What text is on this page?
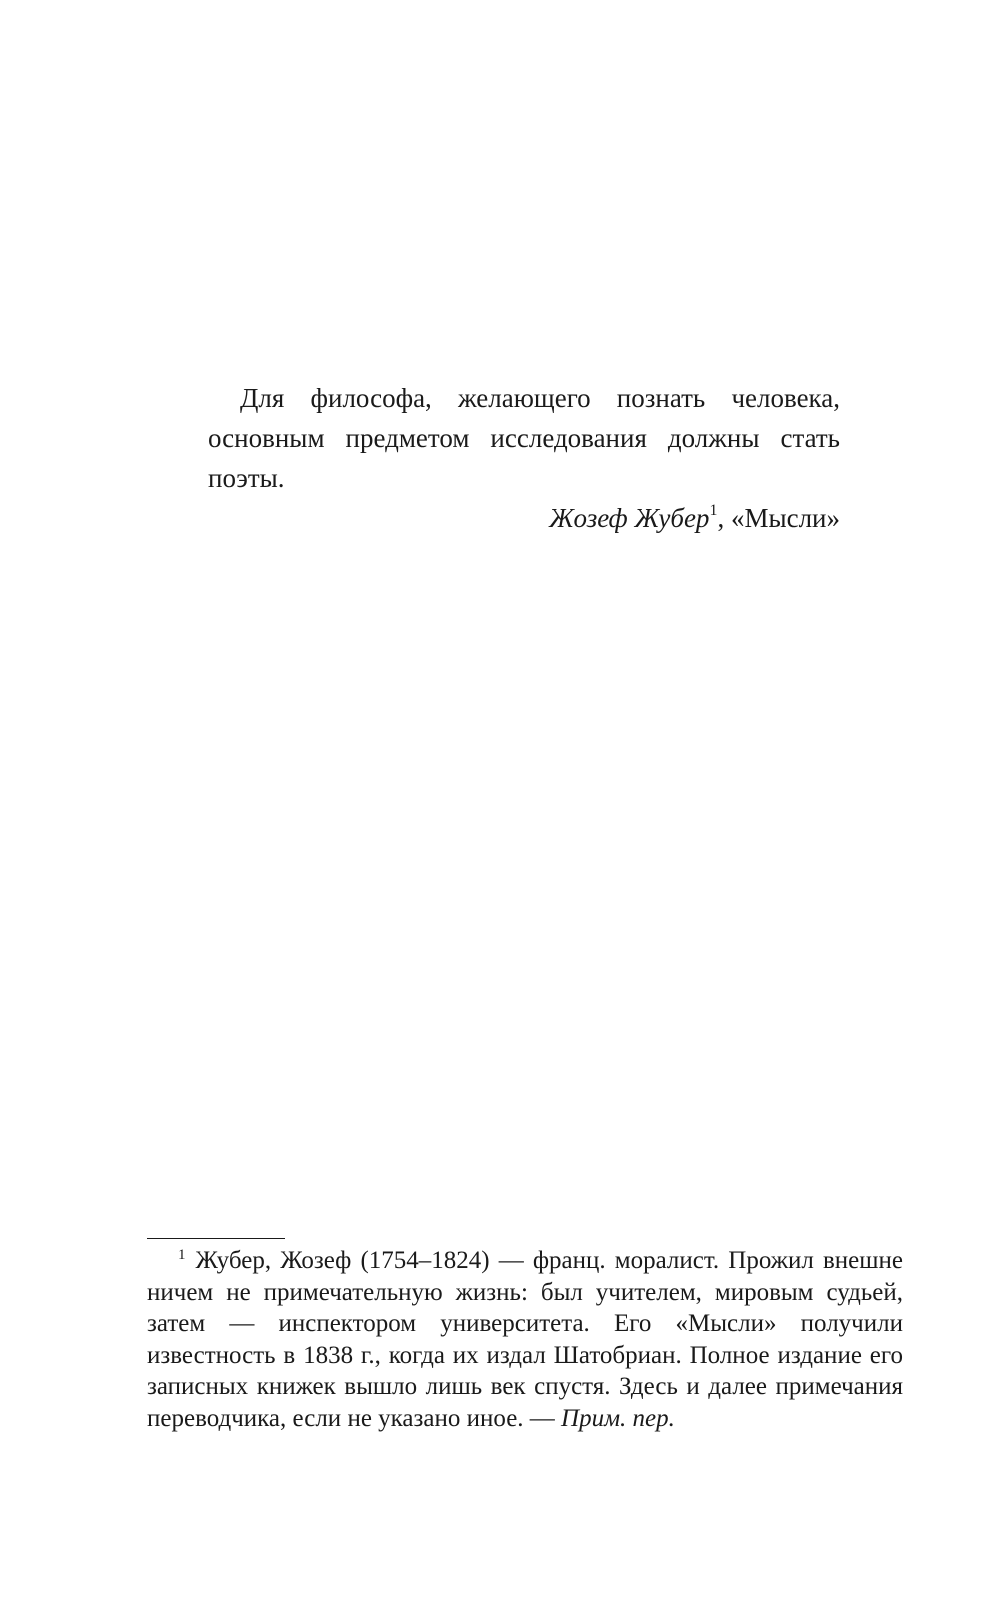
Для философа, желающего познать человека, основным предметом исследования должны стать поэты.

Жозеф Жубер$^1$, «Мысли»

$^1$ Жубер, Жозеф (1754–1824) — франц. моралист. Прожил внешне ничем не примечательную жизнь: был учителем, мировым судьей, затем — инспектором университета. Его «Мысли» получили известность в 1838 г., когда их издал Шатобриан. Полное издание его записных книжек вышло лишь век спустя. Здесь и далее примечания переводчика, если не указано иное. — Прим. пер.
